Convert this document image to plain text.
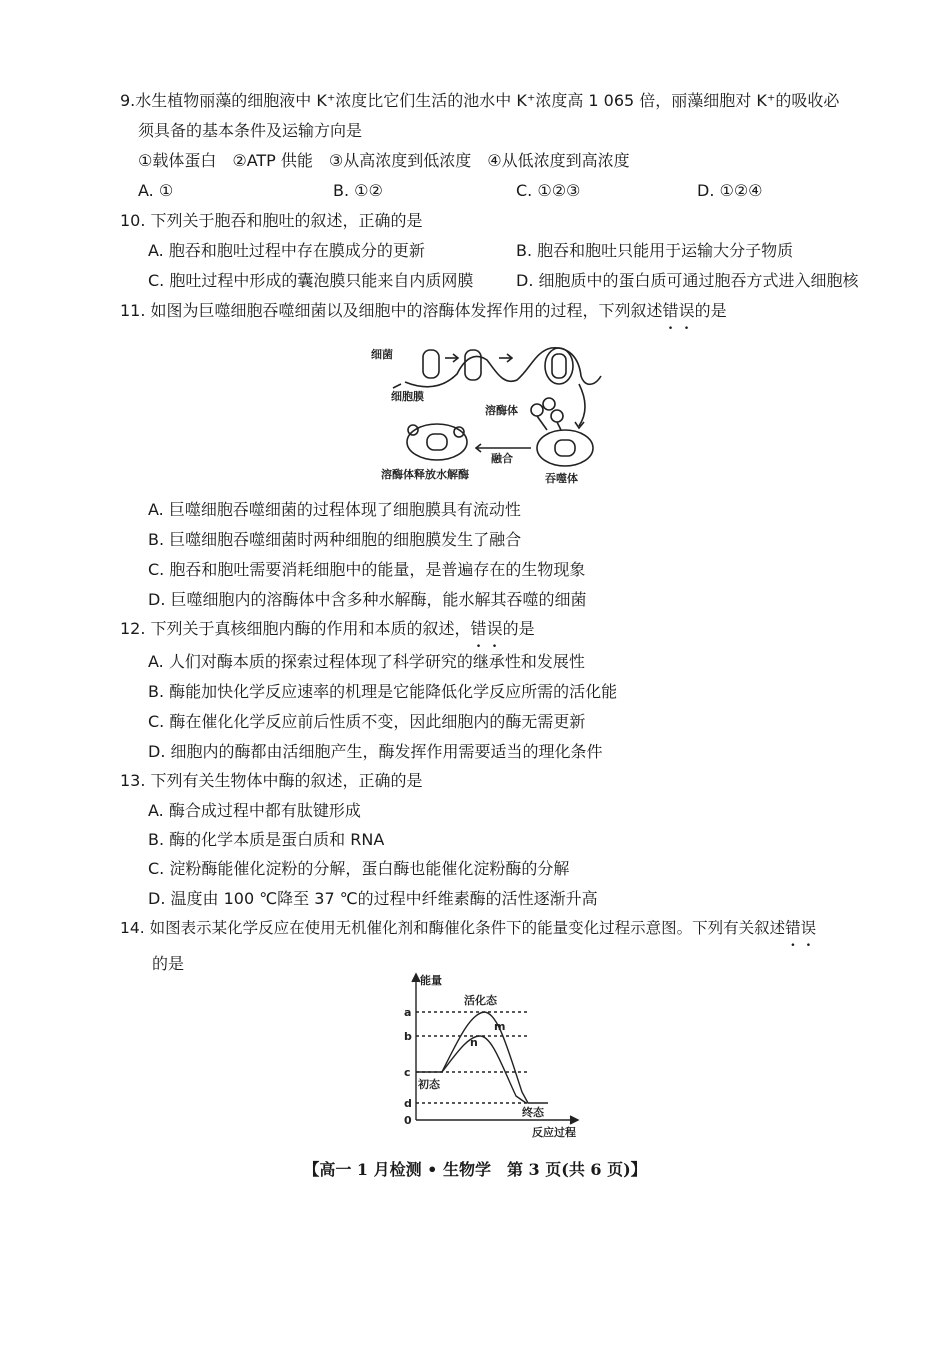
9.水生植物丽藻的细胞液中 K⁺浓度比它们生活的池水中 K⁺浓度高 1 065 倍，丽藻细胞对 K⁺的吸收必
须具备的基本条件及运输方向是
①载体蛋白　②ATP 供能　③从高浓度到低浓度　④从低浓度到高浓度
A. ①	B. ①②	C. ①②③	D. ①②④
10. 下列关于胞吞和胞吐的叙述，正确的是
A. 胞吞和胞吐过程中存在膜成分的更新	B. 胞吞和胞吐只能用于运输大分子物质
C. 胞吐过程中形成的囊泡膜只能来自内质网膜	D. 细胞质中的蛋白质可通过胞吞方式进入细胞核
11. 如图为巨噬细胞吞噬细菌以及细胞中的溶酶体发挥作用的过程，下列叙述错误的是
细菌
细胞膜
溶酶体
融合
吞噬体
溶酶体释放水解酶
A. 巨噬细胞吞噬细菌的过程体现了细胞膜具有流动性
B. 巨噬细胞吞噬细菌时两种细胞的细胞膜发生了融合
C. 胞吞和胞吐需要消耗细胞中的能量，是普遍存在的生物现象
D. 巨噬细胞内的溶酶体中含多种水解酶，能水解其吞噬的细菌
12. 下列关于真核细胞内酶的作用和本质的叙述，错误的是
A. 人们对酶本质的探索过程体现了科学研究的继承性和发展性
B. 酶能加快化学反应速率的机理是它能降低化学反应所需的活化能
C. 酶在催化化学反应前后性质不变，因此细胞内的酶无需更新
D. 细胞内的酶都由活细胞产生，酶发挥作用需要适当的理化条件
13. 下列有关生物体中酶的叙述，正确的是
A. 酶合成过程中都有肽键形成
B. 酶的化学本质是蛋白质和 RNA
C. 淀粉酶能催化淀粉的分解，蛋白酶也能催化淀粉酶的分解
D. 温度由 100 ℃降至 37 ℃的过程中纤维素酶的活性逐渐升高
14. 如图表示某化学反应在使用无机催化剂和酶催化条件下的能量变化过程示意图。下列有关叙述错误
的是
能量
a
b
c
d
0
活化态
m
n
初态
终态
反应过程
【高一 1 月检测 • 生物学　第 3 页(共 6 页)】
